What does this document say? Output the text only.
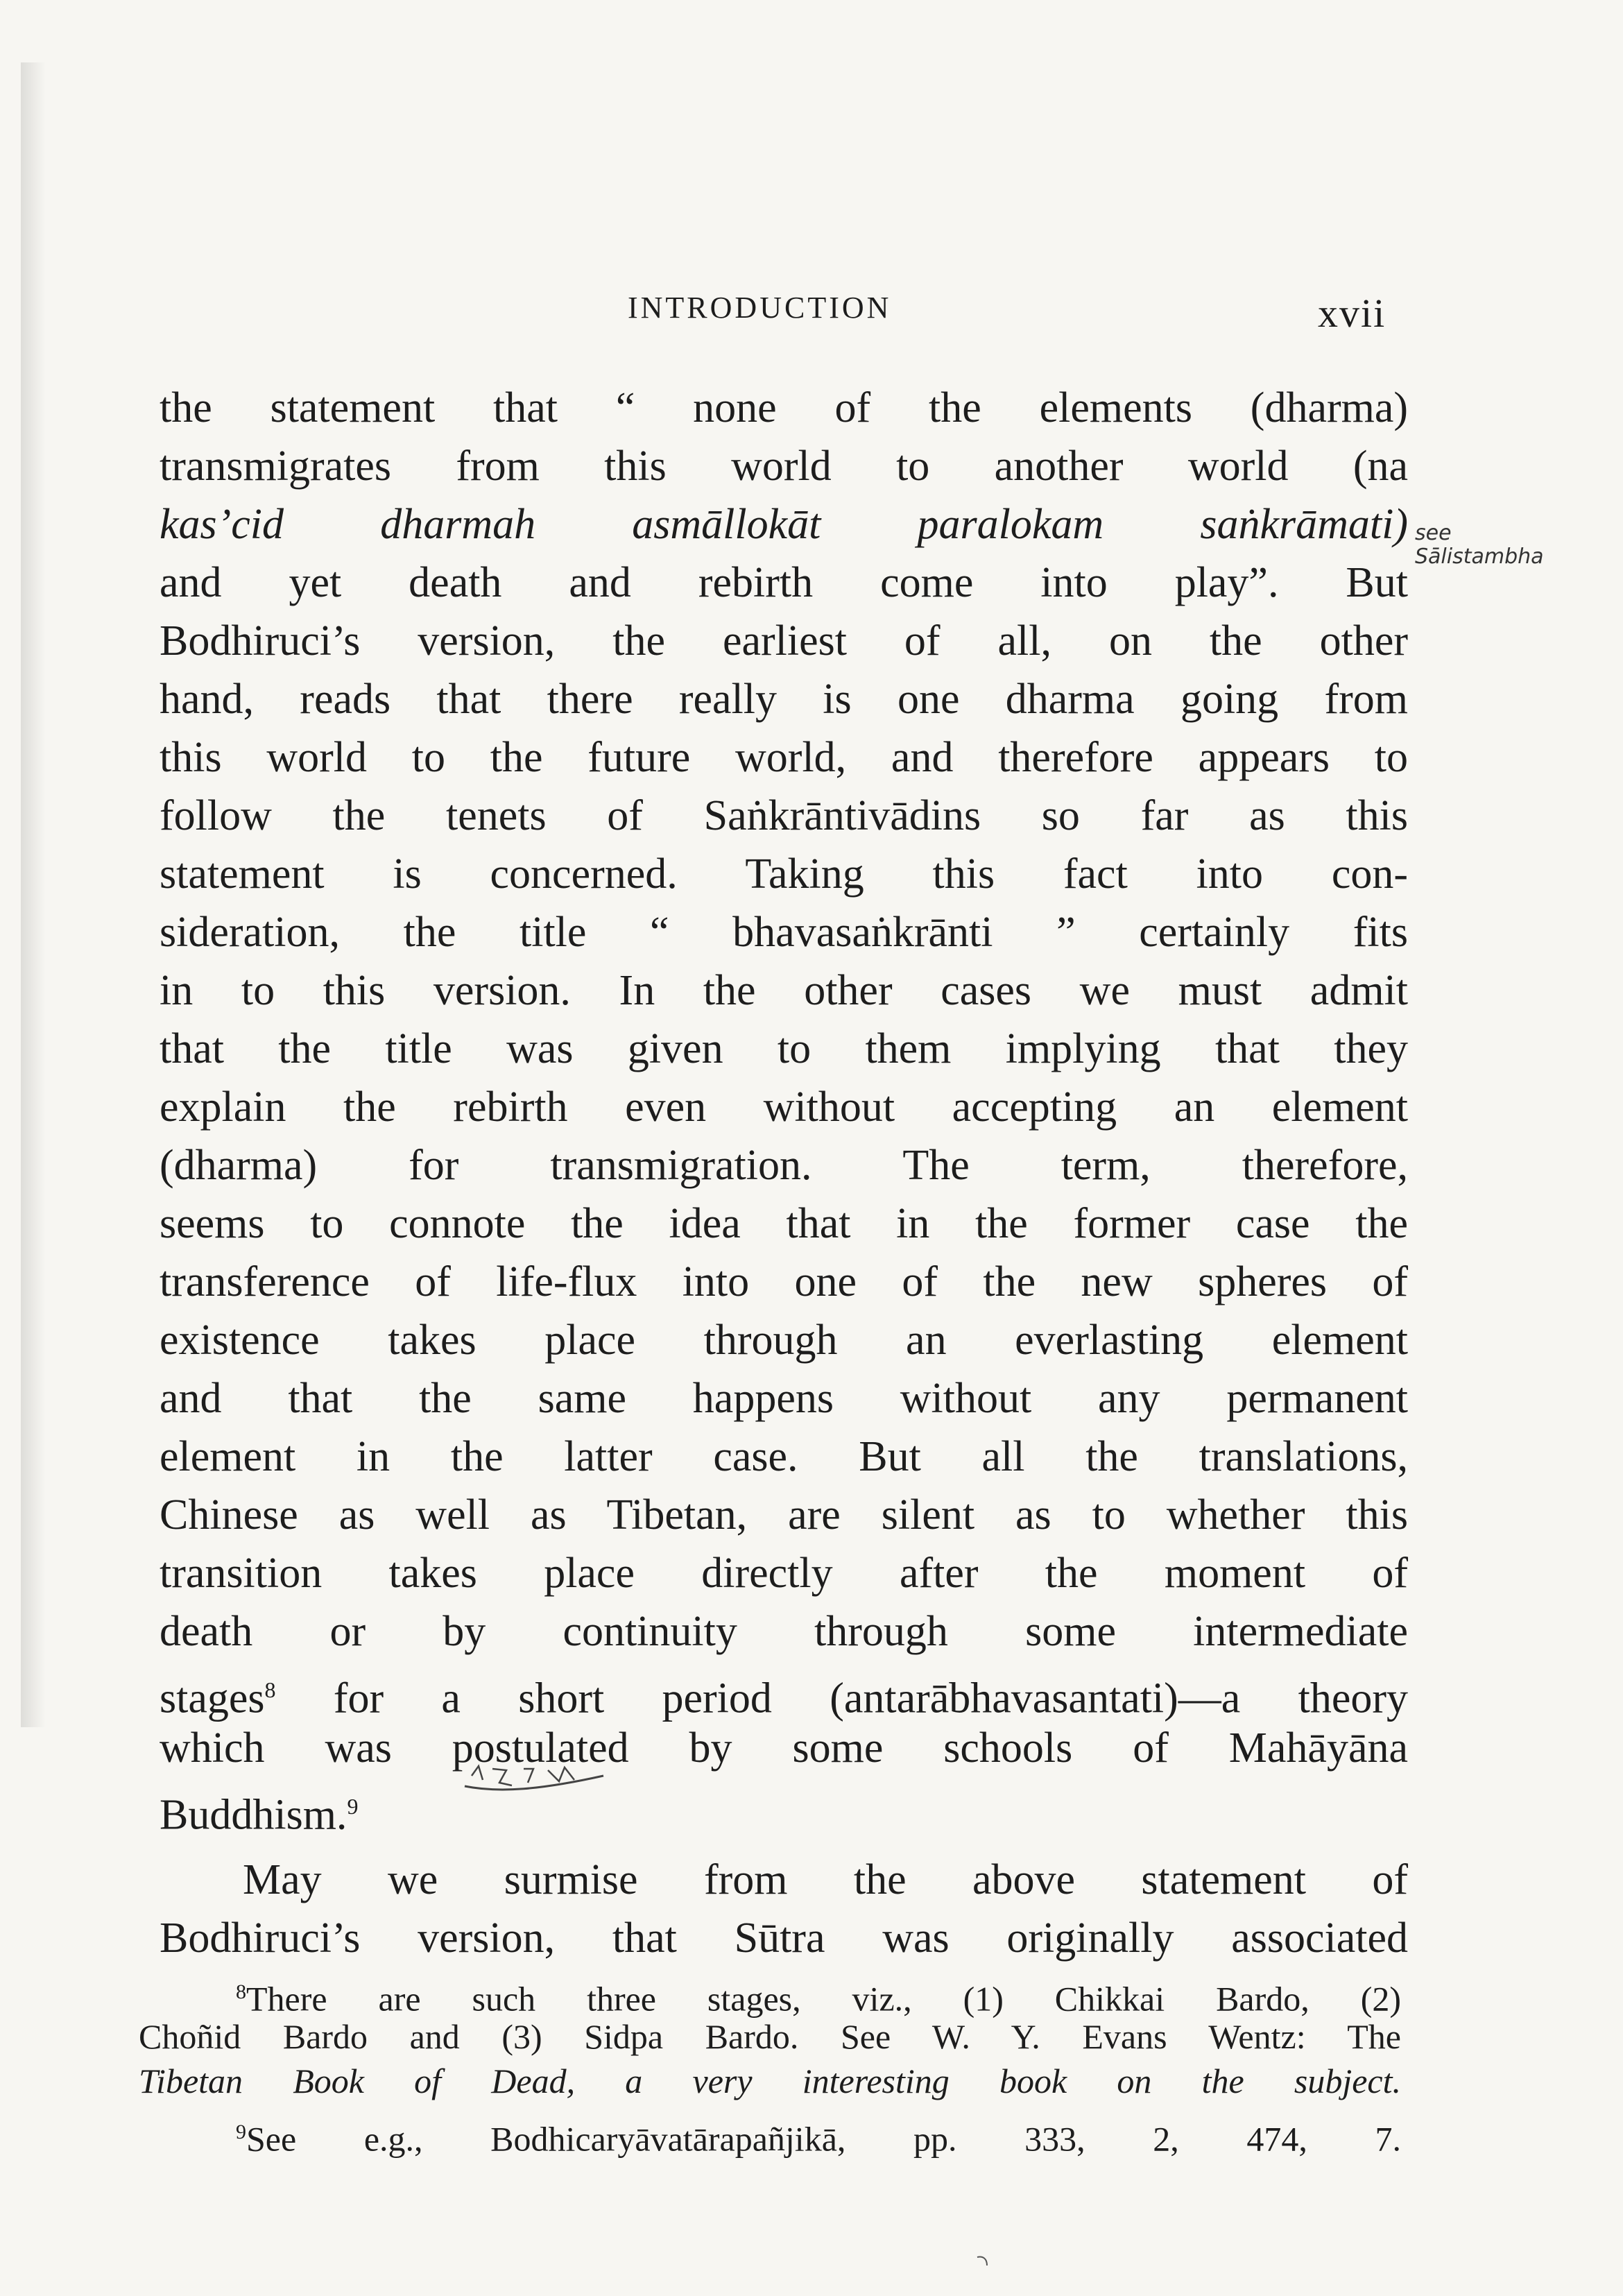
INTRODUCTION	xvii
the statement that “ none of the elements (dharma)
transmigrates from this world to another world (na
kas’cid dharmah asmāllokāt paralokam saṅkrāmati)
and yet death and rebirth come into play”. But
Bodhiruci’s version, the earliest of all, on the other
hand, reads that there really is one dharma going from
this world to the future world, and therefore appears to
follow the tenets of Saṅkrāntivādins so far as this
statement is concerned. Taking this fact into con-
sideration, the title “ bhavasaṅkrānti ” certainly fits
in to this version. In the other cases we must admit
that the title was given to them implying that they
explain the rebirth even without accepting an element
(dharma) for transmigration. The term, therefore,
seems to connote the idea that in the former case the
transference of life-flux into one of the new spheres of
existence takes place through an everlasting element
and that the same happens without any permanent
element in the latter case. But all the translations,
Chinese as well as Tibetan, are silent as to whether this
transition takes place directly after the moment of
death or by continuity through some intermediate
stages$^8$ for a short period (antarābhavasantati)—a theory
which was postulated by some schools of Mahāyāna
Buddhism.$^9$
May we surmise from the above statement of
Bodhiruci’s version, that Sūtra was originally associated
$^8$There are such three stages, viz., (1) Chikkai Bardo, (2)
Choñid Bardo and (3) Sidpa Bardo. See W. Y. Evans Wentz: The
Tibetan Book of Dead, a very interesting book on the subject.
$^9$See e.g., Bodhicaryāvatārapañjikā, pp. 333, 2, 474, 7.
see
Sālistambha
